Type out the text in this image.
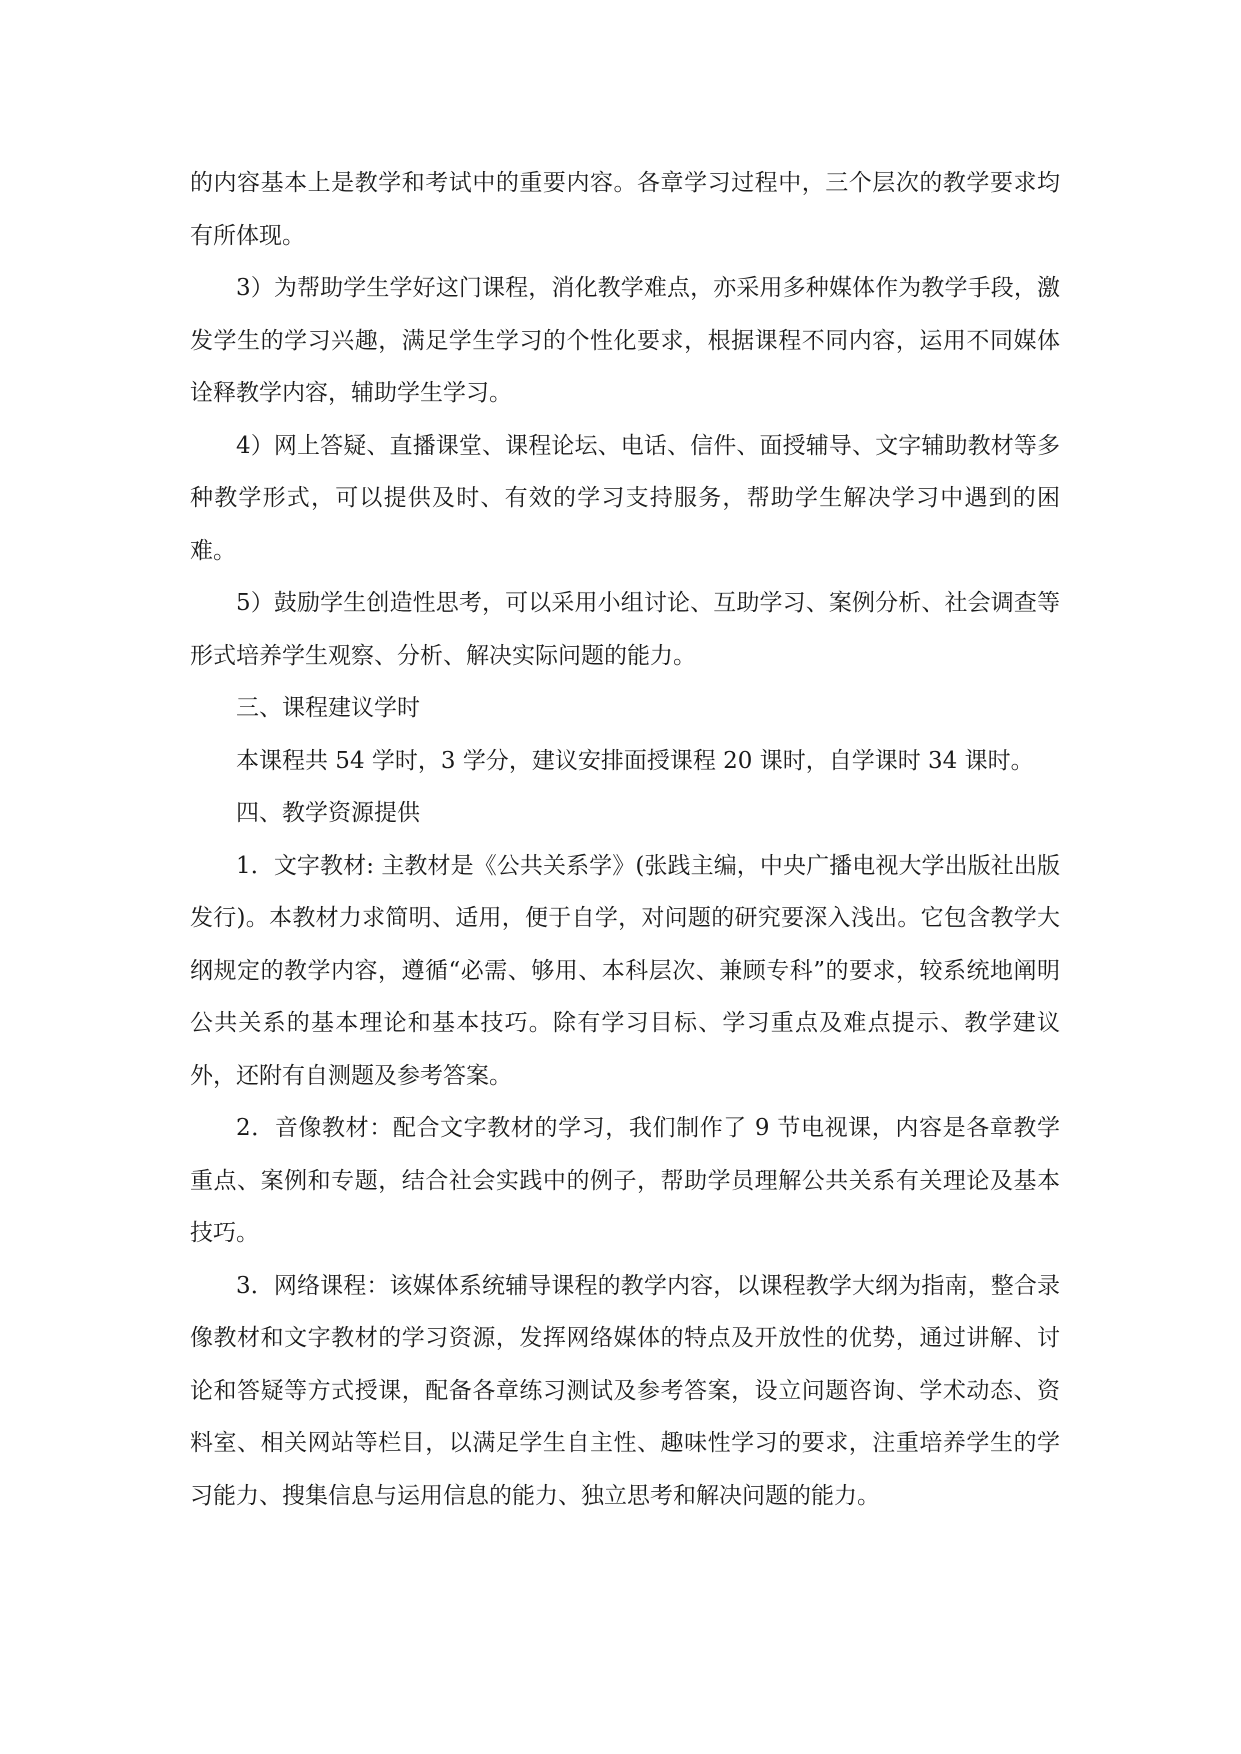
的内容基本上是教学和考试中的重要内容。各章学习过程中，三个层次的教学要求均有所体现。

3）为帮助学生学好这门课程，消化教学难点，亦采用多种媒体作为教学手段，激发学生的学习兴趣，满足学生学习的个性化要求，根据课程不同内容，运用不同媒体诠释教学内容，辅助学生学习。

4）网上答疑、直播课堂、课程论坛、电话、信件、面授辅导、文字辅助教材等多种教学形式，可以提供及时、有效的学习支持服务，帮助学生解决学习中遇到的困难。

5）鼓励学生创造性思考，可以采用小组讨论、互助学习、案例分析、社会调查等形式培养学生观察、分析、解决实际问题的能力。

三、课程建议学时

本课程共 54 学时，3 学分，建议安排面授课程 20 课时，自学课时 34 课时。

四、教学资源提供

1．文字教材: 主教材是《公共关系学》(张践主编，中央广播电视大学出版社出版发行)。本教材力求简明、适用，便于自学，对问题的研究要深入浅出。它包含教学大纲规定的教学内容，遵循“必需、够用、本科层次、兼顾专科”的要求，较系统地阐明公共关系的基本理论和基本技巧。除有学习目标、学习重点及难点提示、教学建议外，还附有自测题及参考答案。

2．音像教材：配合文字教材的学习，我们制作了 9 节电视课，内容是各章教学重点、案例和专题，结合社会实践中的例子，帮助学员理解公共关系有关理论及基本技巧。

3．网络课程：该媒体系统辅导课程的教学内容，以课程教学大纲为指南，整合录像教材和文字教材的学习资源，发挥网络媒体的特点及开放性的优势，通过讲解、讨论和答疑等方式授课，配备各章练习测试及参考答案，设立问题咨询、学术动态、资料室、相关网站等栏目，以满足学生自主性、趣味性学习的要求，注重培养学生的学习能力、搜集信息与运用信息的能力、独立思考和解决问题的能力。
